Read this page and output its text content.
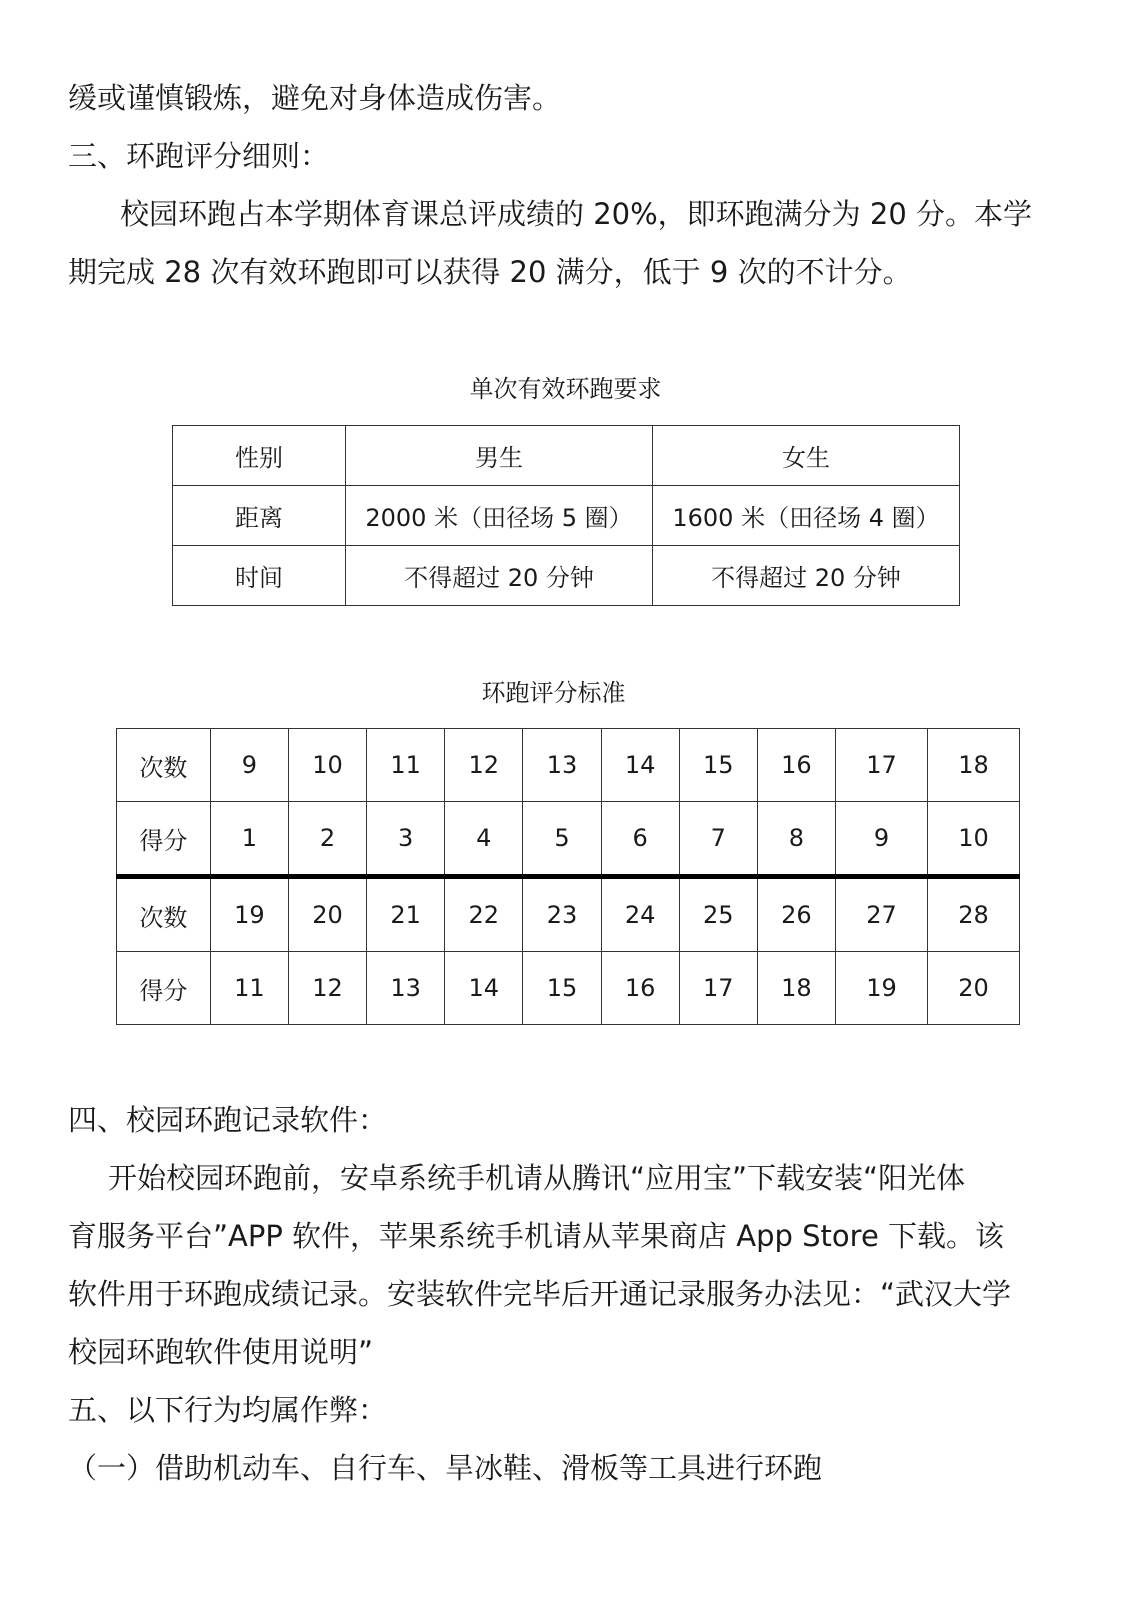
缓或谨慎锻炼，避免对身体造成伤害。

三、环跑评分细则：

校园环跑占本学期体育课总评成绩的 20%，即环跑满分为 20 分。本学

期完成 28 次有效环跑即可以获得 20 满分，低于 9 次的不计分。

单次有效环跑要求

性别	男生	女生
距离	2000 米（田径场 5 圈）	1600 米（田径场 4 圈）
时间	不得超过 20 分钟	不得超过 20 分钟

环跑评分标准

次数	9	10	11	12	13	14	15	16	17	18
得分	1	2	3	4	5	6	7	8	9	10
次数	19	20	21	22	23	24	25	26	27	28
得分	11	12	13	14	15	16	17	18	19	20

四、校园环跑记录软件：

开始校园环跑前，安卓系统手机请从腾讯“应用宝”下载安装“阳光体

育服务平台”APP 软件，苹果系统手机请从苹果商店 App Store 下载。该

软件用于环跑成绩记录。安装软件完毕后开通记录服务办法见：“武汉大学

校园环跑软件使用说明”

五、以下行为均属作弊：

（一）借助机动车、自行车、旱冰鞋、滑板等工具进行环跑
